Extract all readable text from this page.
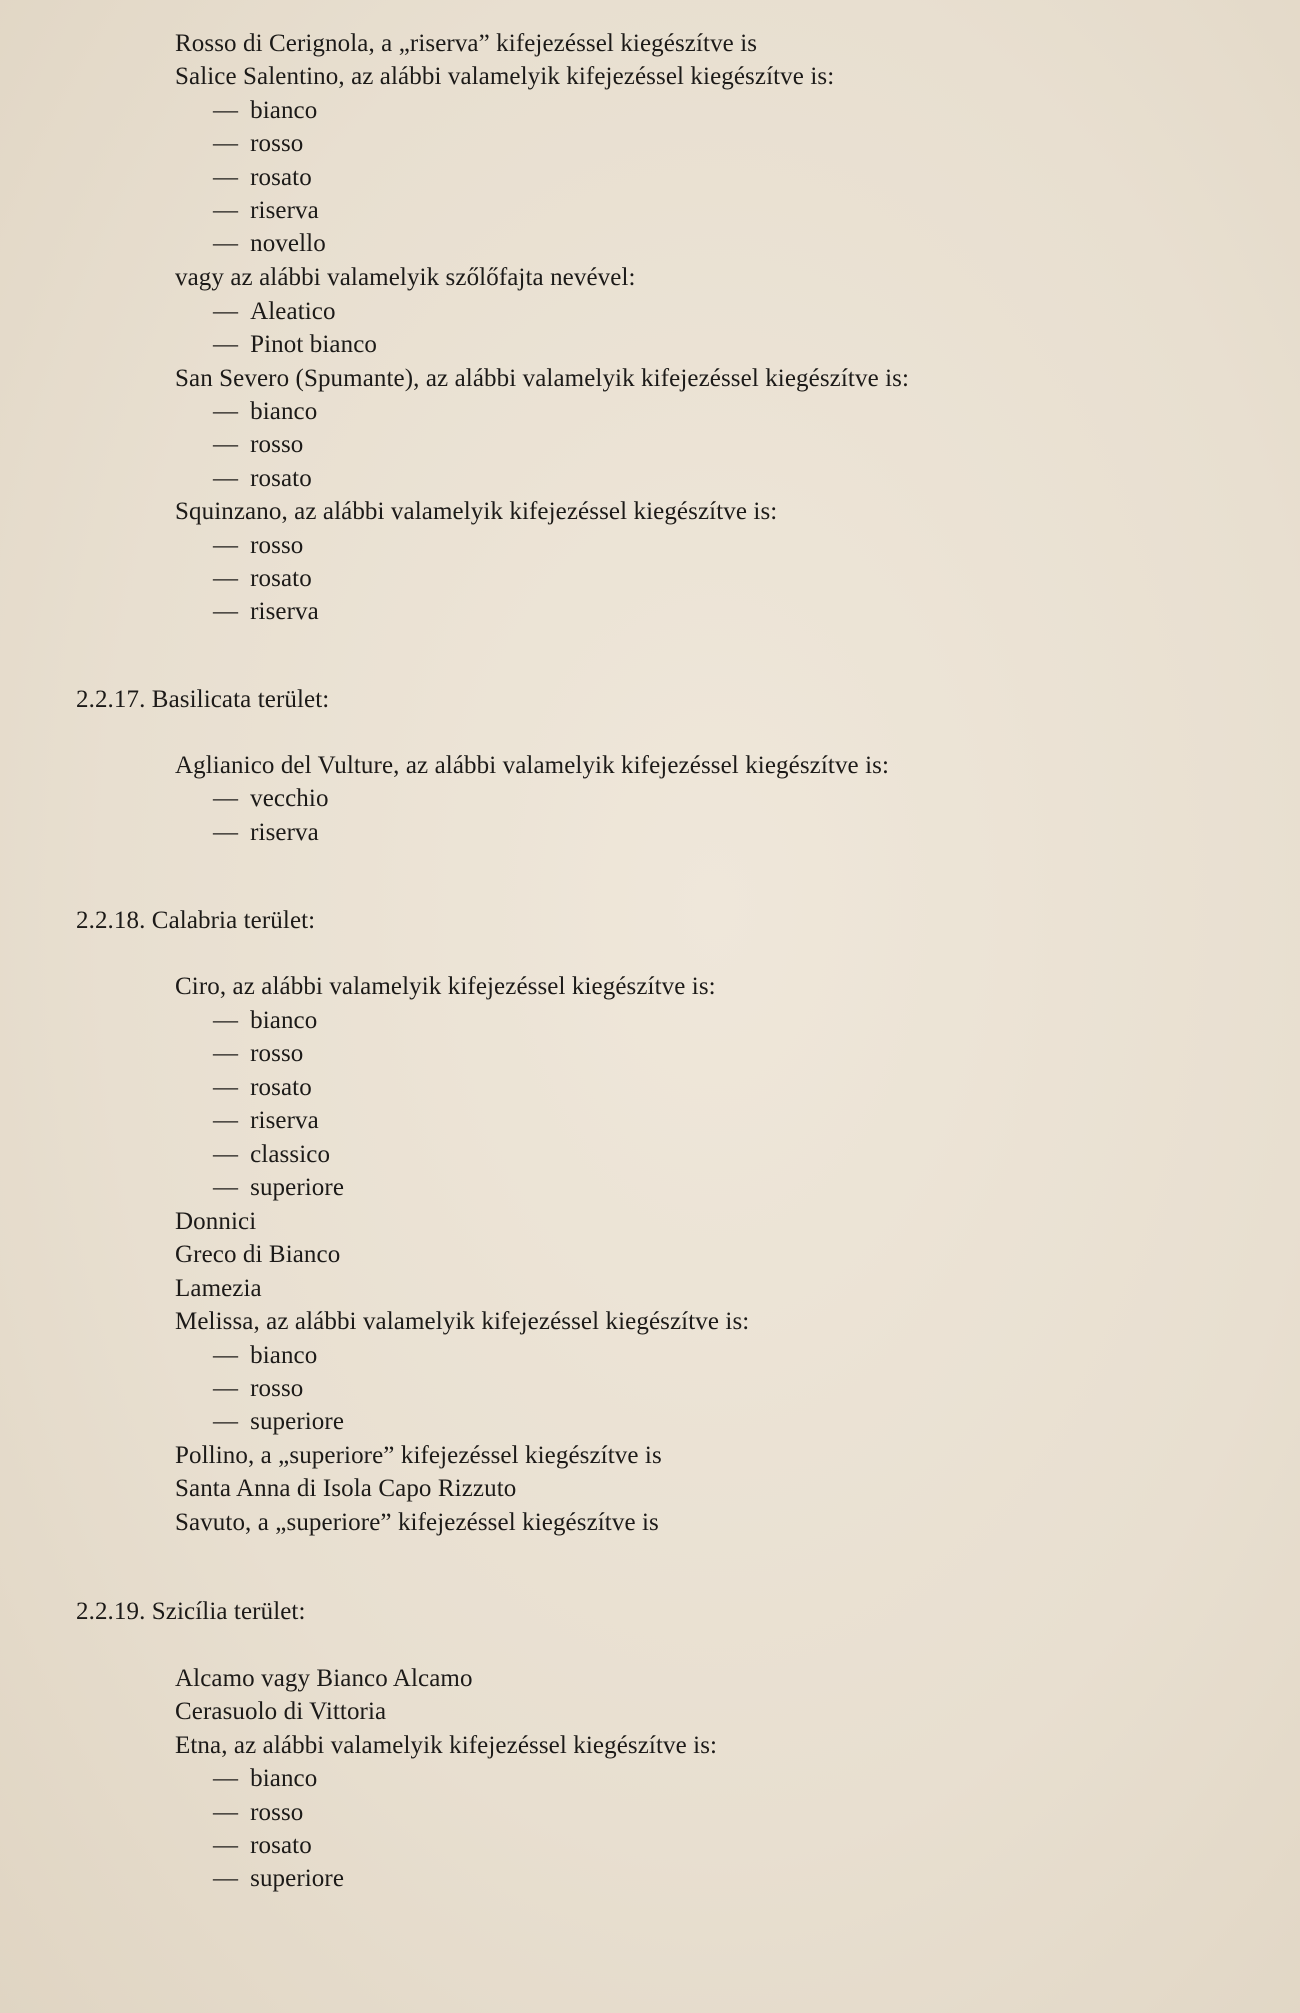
Rosso di Cerignola, a „riserva” kifejezéssel kiegészítve is
Salice Salentino, az alábbi valamelyik kifejezéssel kiegészítve is:
— bianco
— rosso
— rosato
— riserva
— novello
vagy az alábbi valamelyik szőlőfajta nevével:
— Aleatico
— Pinot bianco
San Severo (Spumante), az alábbi valamelyik kifejezéssel kiegészítve is:
— bianco
— rosso
— rosato
Squinzano, az alábbi valamelyik kifejezéssel kiegészítve is:
— rosso
— rosato
— riserva
2.2.17. Basilicata terület:
Aglianico del Vulture, az alábbi valamelyik kifejezéssel kiegészítve is:
— vecchio
— riserva
2.2.18. Calabria terület:
Ciro, az alábbi valamelyik kifejezéssel kiegészítve is:
— bianco
— rosso
— rosato
— riserva
— classico
— superiore
Donnici
Greco di Bianco
Lamezia
Melissa, az alábbi valamelyik kifejezéssel kiegészítve is:
— bianco
— rosso
— superiore
Pollino, a „superiore” kifejezéssel kiegészítve is
Santa Anna di Isola Capo Rizzuto
Savuto, a „superiore” kifejezéssel kiegészítve is
2.2.19. Szicília terület:
Alcamo vagy Bianco Alcamo
Cerasuolo di Vittoria
Etna, az alábbi valamelyik kifejezéssel kiegészítve is:
— bianco
— rosso
— rosato
— superiore
